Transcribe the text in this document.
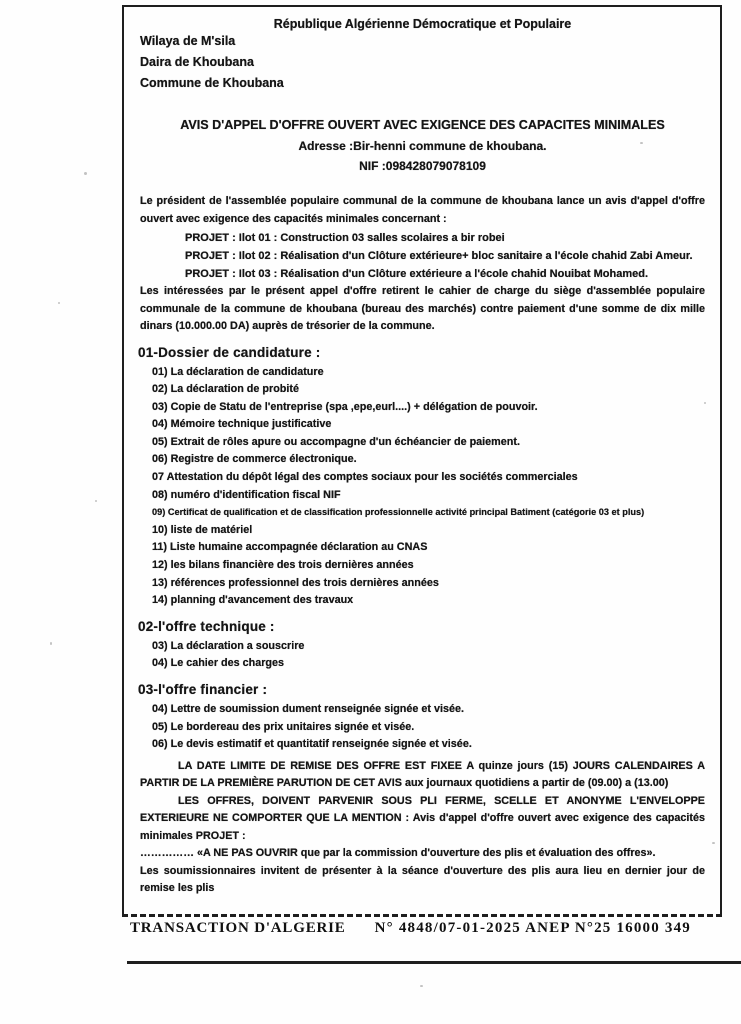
République Algérienne Démocratique et Populaire
Wilaya de M'sila
Daira de Khoubana
Commune de Khoubana
AVIS D'APPEL D'OFFRE OUVERT AVEC EXIGENCE DES CAPACITES MINIMALES
Adresse :Bir-henni commune de khoubana.
NIF :098428079078109

Le président de l'assemblée populaire communal de la commune de khoubana lance un avis d'appel d'offre ouvert avec exigence des capacités minimales concernant :

PROJET : Ilot 01 : Construction 03 salles scolaires a bir robei
PROJET : Ilot 02 : Réalisation d'un Clôture extérieure+ bloc sanitaire a l'école chahid Zabi Ameur.
PROJET : Ilot 03 : Réalisation d'un Clôture extérieure a l'école chahid Nouibat Mohamed.

Les intéressées par le présent appel d'offre retirent le cahier de charge du siège d'assemblée populaire communale de la commune de khoubana (bureau des marchés) contre paiement d'une somme de dix mille dinars (10.000.00 DA) auprès de trésorier de la commune.

01-Dossier de candidature :
01) La déclaration de candidature
02) La déclaration de probité
03) Copie de Statu de l'entreprise (spa ,epe,eurl....) + délégation de pouvoir.
04) Mémoire technique justificative
05) Extrait de rôles apure ou accompagne d'un échéancier de paiement.
06) Registre de commerce électronique.
07 Attestation du dépôt légal des comptes sociaux pour les sociétés commerciales
08) numéro d'identification fiscal NIF
09) Certificat de qualification et de classification professionnelle activité principal Batiment (catégorie 03 et plus)
10) liste de matériel
11) Liste humaine accompagnée déclaration au CNAS
12) les bilans financière des trois dernières années
13) références professionnel des trois dernières années
14) planning d'avancement des travaux
02-l'offre technique :
03) La déclaration a souscrire
04) Le cahier des charges
03-l'offre financier :
04) Lettre de soumission dument renseignée signée et visée.
05) Le bordereau des prix unitaires signée et visée.
06) Le devis estimatif et quantitatif renseignée signée et visée.

LA DATE LIMITE DE REMISE DES OFFRE EST FIXEE A quinze jours (15) JOURS CALENDAIRES A PARTIR DE LA PREMIÈRE PARUTION DE CET AVIS aux journaux quotidiens a partir de (09.00) a (13.00)

LES OFFRES, DOIVENT PARVENIR SOUS PLI FERME, SCELLE ET ANONYME L'ENVELOPPE EXTERIEURE NE COMPORTER QUE LA MENTION : Avis d'appel d'offre ouvert avec exigence des capacités minimales PROJET :

…………… «A NE PAS OUVRIR que par la commission d'ouverture des plis et évaluation des offres».

Les soumissionnaires invitent de présenter à la séance d'ouverture des plis aura lieu en dernier jour de remise les plis

TRANSACTION D'ALGERIE N° 4848/07-01-2025 ANEP N°25 16000 349
